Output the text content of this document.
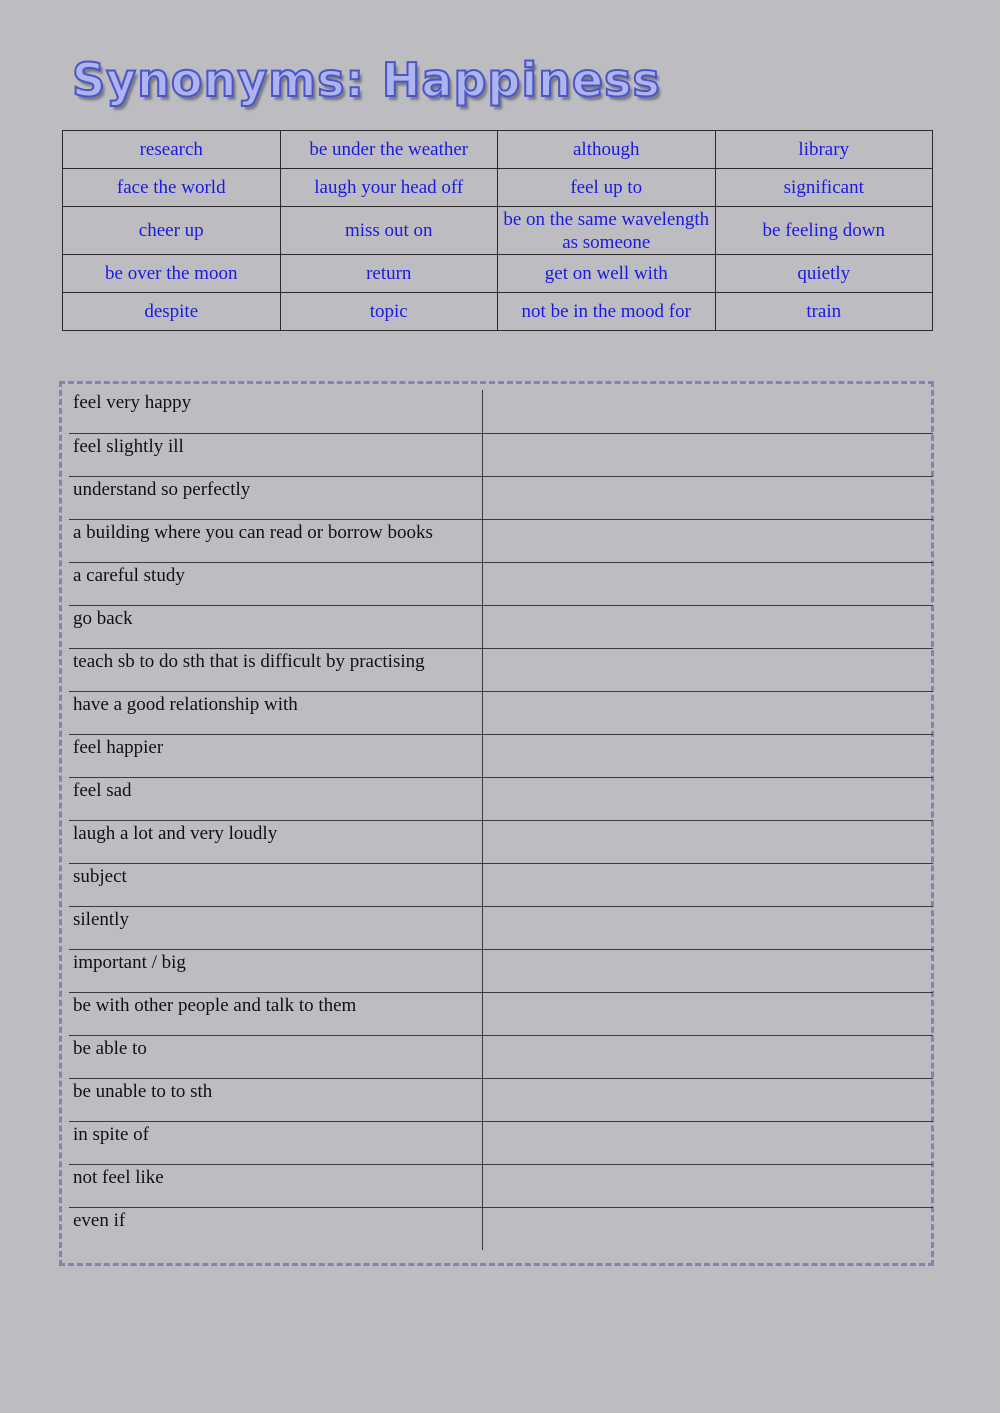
Synonyms: Happiness
research	be under the weather	although	library
face the world	laugh your head off	feel up to	significant
cheer up	miss out on	be on the same wavelength as someone	be feeling down
be over the moon	return	get on well with	quietly
despite	topic	not be in the mood for	train
feel very happy	
feel slightly ill	
understand so perfectly	
a building where you can read or borrow books	
a careful study	
go back	
teach sb to do sth that is difficult by practising	
have a good relationship with	
feel happier	
feel sad	
laugh a lot and very loudly	
subject	
silently	
important / big	
be with other people and talk to them	
be able to	
be unable to to sth	
in spite of	
not feel like	
even if	
